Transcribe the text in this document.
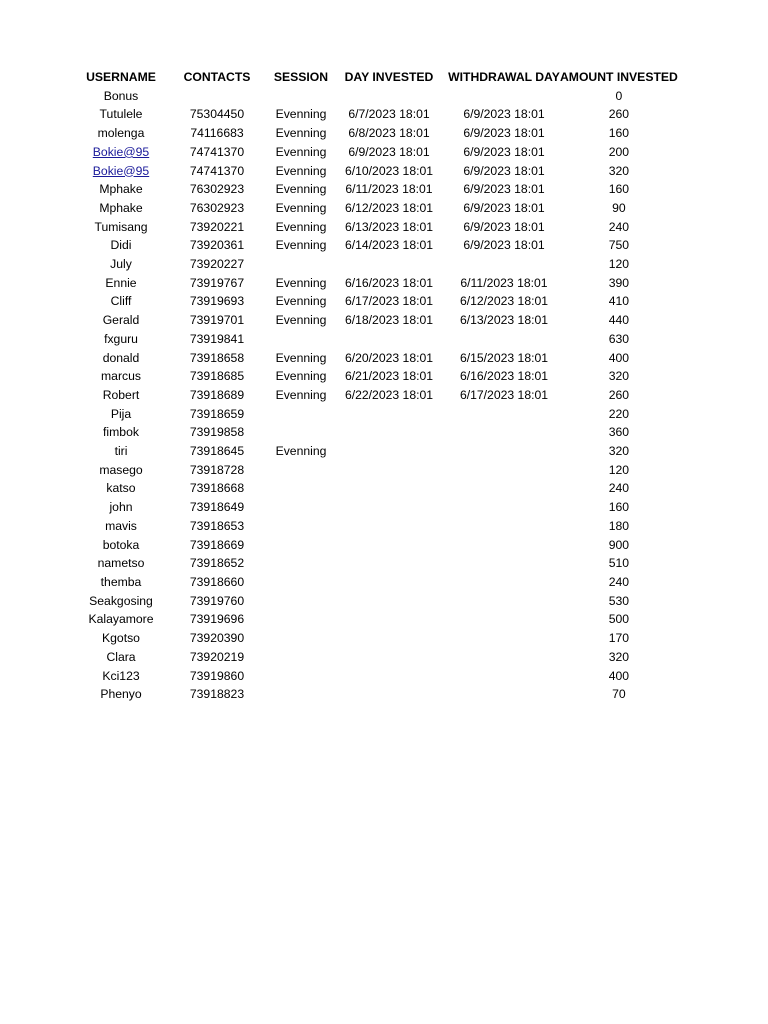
USERNAME	CONTACTS	SESSION	DAY INVESTED	WITHDRAWAL DAY	AMOUNT INVESTED
Bonus					0
Tutulele	75304450	Evenning	6/7/2023 18:01	6/9/2023 18:01	260
molenga	74116683	Evenning	6/8/2023 18:01	6/9/2023 18:01	160
Bokie@95	74741370	Evenning	6/9/2023 18:01	6/9/2023 18:01	200
Bokie@95	74741370	Evenning	6/10/2023 18:01	6/9/2023 18:01	320
Mphake	76302923	Evenning	6/11/2023 18:01	6/9/2023 18:01	160
Mphake	76302923	Evenning	6/12/2023 18:01	6/9/2023 18:01	90
Tumisang	73920221	Evenning	6/13/2023 18:01	6/9/2023 18:01	240
Didi	73920361	Evenning	6/14/2023 18:01	6/9/2023 18:01	750
July	73920227				120
Ennie	73919767	Evenning	6/16/2023 18:01	6/11/2023 18:01	390
Cliff	73919693	Evenning	6/17/2023 18:01	6/12/2023 18:01	410
Gerald	73919701	Evenning	6/18/2023 18:01	6/13/2023 18:01	440
fxguru	73919841				630
donald	73918658	Evenning	6/20/2023 18:01	6/15/2023 18:01	400
marcus	73918685	Evenning	6/21/2023 18:01	6/16/2023 18:01	320
Robert	73918689	Evenning	6/22/2023 18:01	6/17/2023 18:01	260
Pija	73918659				220
fimbok	73919858				360
tiri	73918645	Evenning			320
masego	73918728				120
katso	73918668				240
john	73918649				160
mavis	73918653				180
botoka	73918669				900
nametso	73918652				510
themba	73918660				240
Seakgosing	73919760				530
Kalayamore	73919696				500
Kgotso	73920390				170
Clara	73920219				320
Kci123	73919860				400
Phenyo	73918823				70
